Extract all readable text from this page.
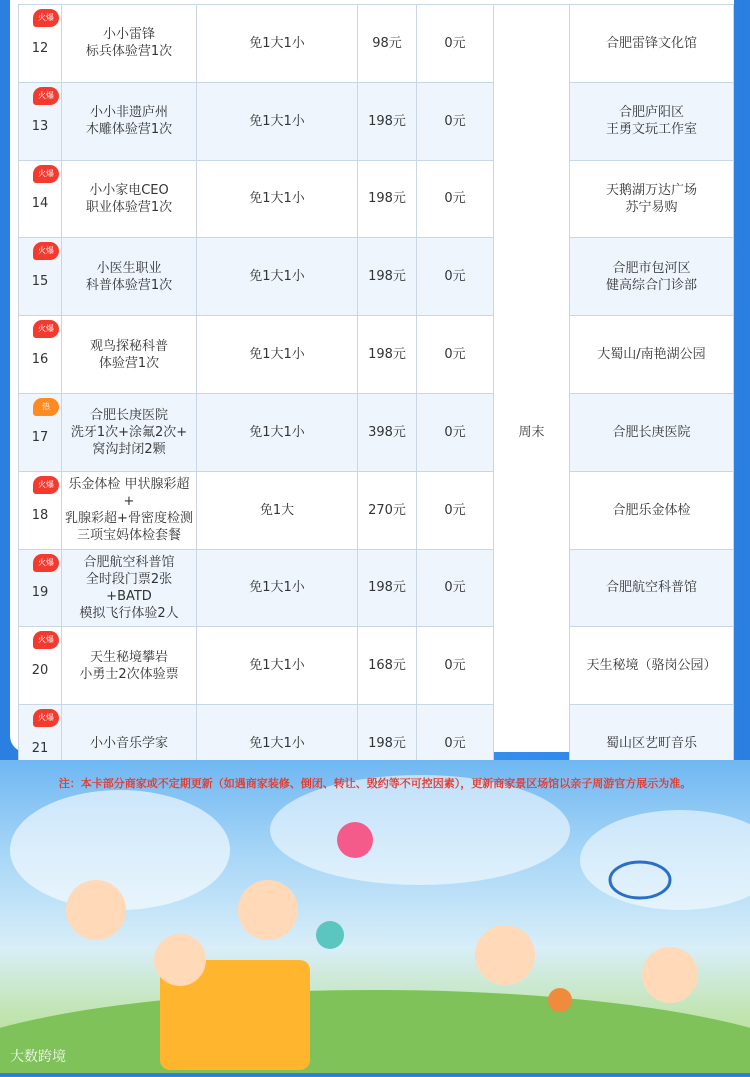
火爆
12	小小雷锋
标兵体验营1次	免1大1小	98元	0元	周末	合肥雷锋文化馆

火爆
13	小小非遗庐州
木雕体验营1次	免1大1小	198元	0元		合肥庐阳区
王勇文玩工作室

火爆
14	小小家电CEO
职业体验营1次	免1大1小	198元	0元		天鹅湖万达广场
苏宁易购

火爆
15	小医生职业
科普体验营1次	免1大1小	198元	0元		合肥市包河区
健高综合门诊部

火爆
16	观鸟探秘科普
体验营1次	免1大1小	198元	0元		大蜀山/南艳湖公园

热
17	合肥长庚医院
洗牙1次+涂氟2次+
窝沟封闭2颗	免1大1小	398元	0元		合肥长庚医院

火爆
18	乐金体检 甲状腺彩超+
乳腺彩超+骨密度检测
三项宝妈体检套餐	免1大	270元	0元		合肥乐金体检

火爆
19	合肥航空科普馆
全时段门票2张+BATD
模拟飞行体验2人	免1大1小	198元	0元		合肥航空科普馆

火爆
20	天生秘境攀岩
小勇士2次体验票	免1大1小	168元	0元		天生秘境（骆岗公园）

火爆
21	小小音乐学家	免1大1小	198元	0元		蜀山区艺町音乐

注：本卡部分商家或不定期更新（如遇商家装修、倒闭、转让、毁约等不可控因素），更新商家景区场馆以亲子周游官方展示为准。
大数跨境
